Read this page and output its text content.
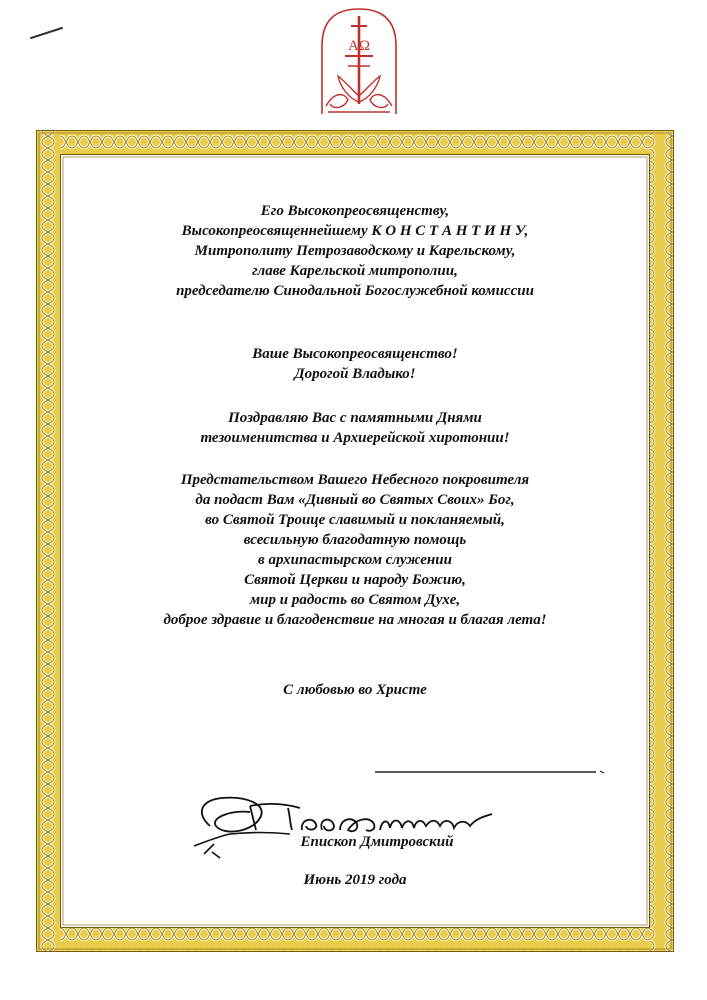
ΑΩ

Его Высокопреосвященству,

Высокопреосвященнейшему К О Н С Т А Н Т И Н У,

Митрополиту Петрозаводскому и Карельскому,

главе Карельской митрополии,

председателю Синодальной Богослужебной комиссии

Ваше Высокопреосвященство!

Дорогой Владыко!

Поздравляю Вас с памятными Днями

тезоименитства и Архиерейской хиротонии!

Предстательством Вашего Небесного покровителя

да подаст Вам «Дивный во Святых Своих» Бог,

во Святой Троице славимый и покланяемый,

всесильную благодатную помощь

в архипастырском служении

Святой Церкви и народу Божию,

мир и радость во Святом Духе,

доброе здравие и благоденствие на многая и благая лета!

С любовью во Христе
Епископ Дмитровский
Июнь 2019 года
